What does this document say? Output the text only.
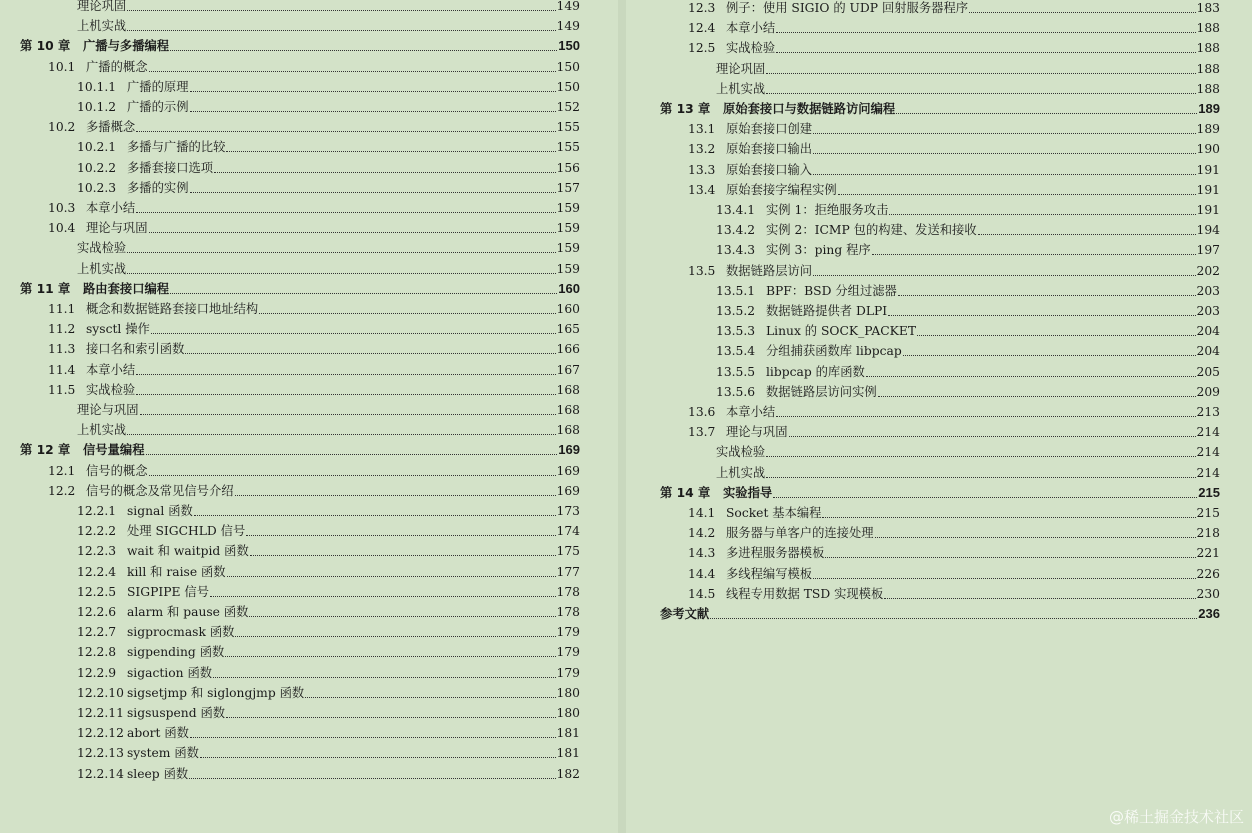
理论巩固	149
上机实战	149
第 10 章	广播与多播编程	150
10.1 广播的概念	150
10.1.1 广播的原理	150
10.1.2 广播的示例	152
10.2 多播概念	155
10.2.1 多播与广播的比较	155
10.2.2 多播套接口选项	156
10.2.3 多播的实例	157
10.3 本章小结	159
10.4 理论与巩固	159
实战检验	159
上机实战	159
第 11 章	路由套接口编程	160
11.1 概念和数据链路套接口地址结构	160
11.2 sysctl 操作	165
11.3 接口名和索引函数	166
11.4 本章小结	167
11.5 实战检验	168
理论与巩固	168
上机实战	168
第 12 章	信号量编程	169
12.1 信号的概念	169
12.2 信号的概念及常见信号介绍	169
12.2.1 signal 函数	173
12.2.2 处理 SIGCHLD 信号	174
12.2.3 wait 和 waitpid 函数	175
12.2.4 kill 和 raise 函数	177
12.2.5 SIGPIPE 信号	178
12.2.6 alarm 和 pause 函数	178
12.2.7 sigprocmask 函数	179
12.2.8 sigpending 函数	179
12.2.9 sigaction 函数	179
12.2.10 sigsetjmp 和 siglongjmp 函数	180
12.2.11 sigsuspend 函数	180
12.2.12 abort 函数	181
12.2.13 system 函数	181
12.2.14 sleep 函数	182
12.3 例子：使用 SIGIO 的 UDP 回射服务器程序	183
12.4 本章小结	188
12.5 实战检验	188
理论巩固	188
上机实战	188
第 13 章	原始套接口与数据链路访问编程	189
13.1 原始套接口创建	189
13.2 原始套接口输出	190
13.3 原始套接口输入	191
13.4 原始套接字编程实例	191
13.4.1 实例 1：拒绝服务攻击	191
13.4.2 实例 2：ICMP 包的构建、发送和接收	194
13.4.3 实例 3：ping 程序	197
13.5 数据链路层访问	202
13.5.1 BPF：BSD 分组过滤器	203
13.5.2 数据链路提供者 DLPI	203
13.5.3 Linux 的 SOCK_PACKET	204
13.5.4 分组捕获函数库 libpcap	204
13.5.5 libpcap 的库函数	205
13.5.6 数据链路层访问实例	209
13.6 本章小结	213
13.7 理论与巩固	214
实战检验	214
上机实战	214
第 14 章	实验指导	215
14.1 Socket 基本编程	215
14.2 服务器与单客户的连接处理	218
14.3 多进程服务器模板	221
14.4 多线程编写模板	226
14.5 线程专用数据 TSD 实现模板	230
参考文献	236
@稀土掘金技术社区
